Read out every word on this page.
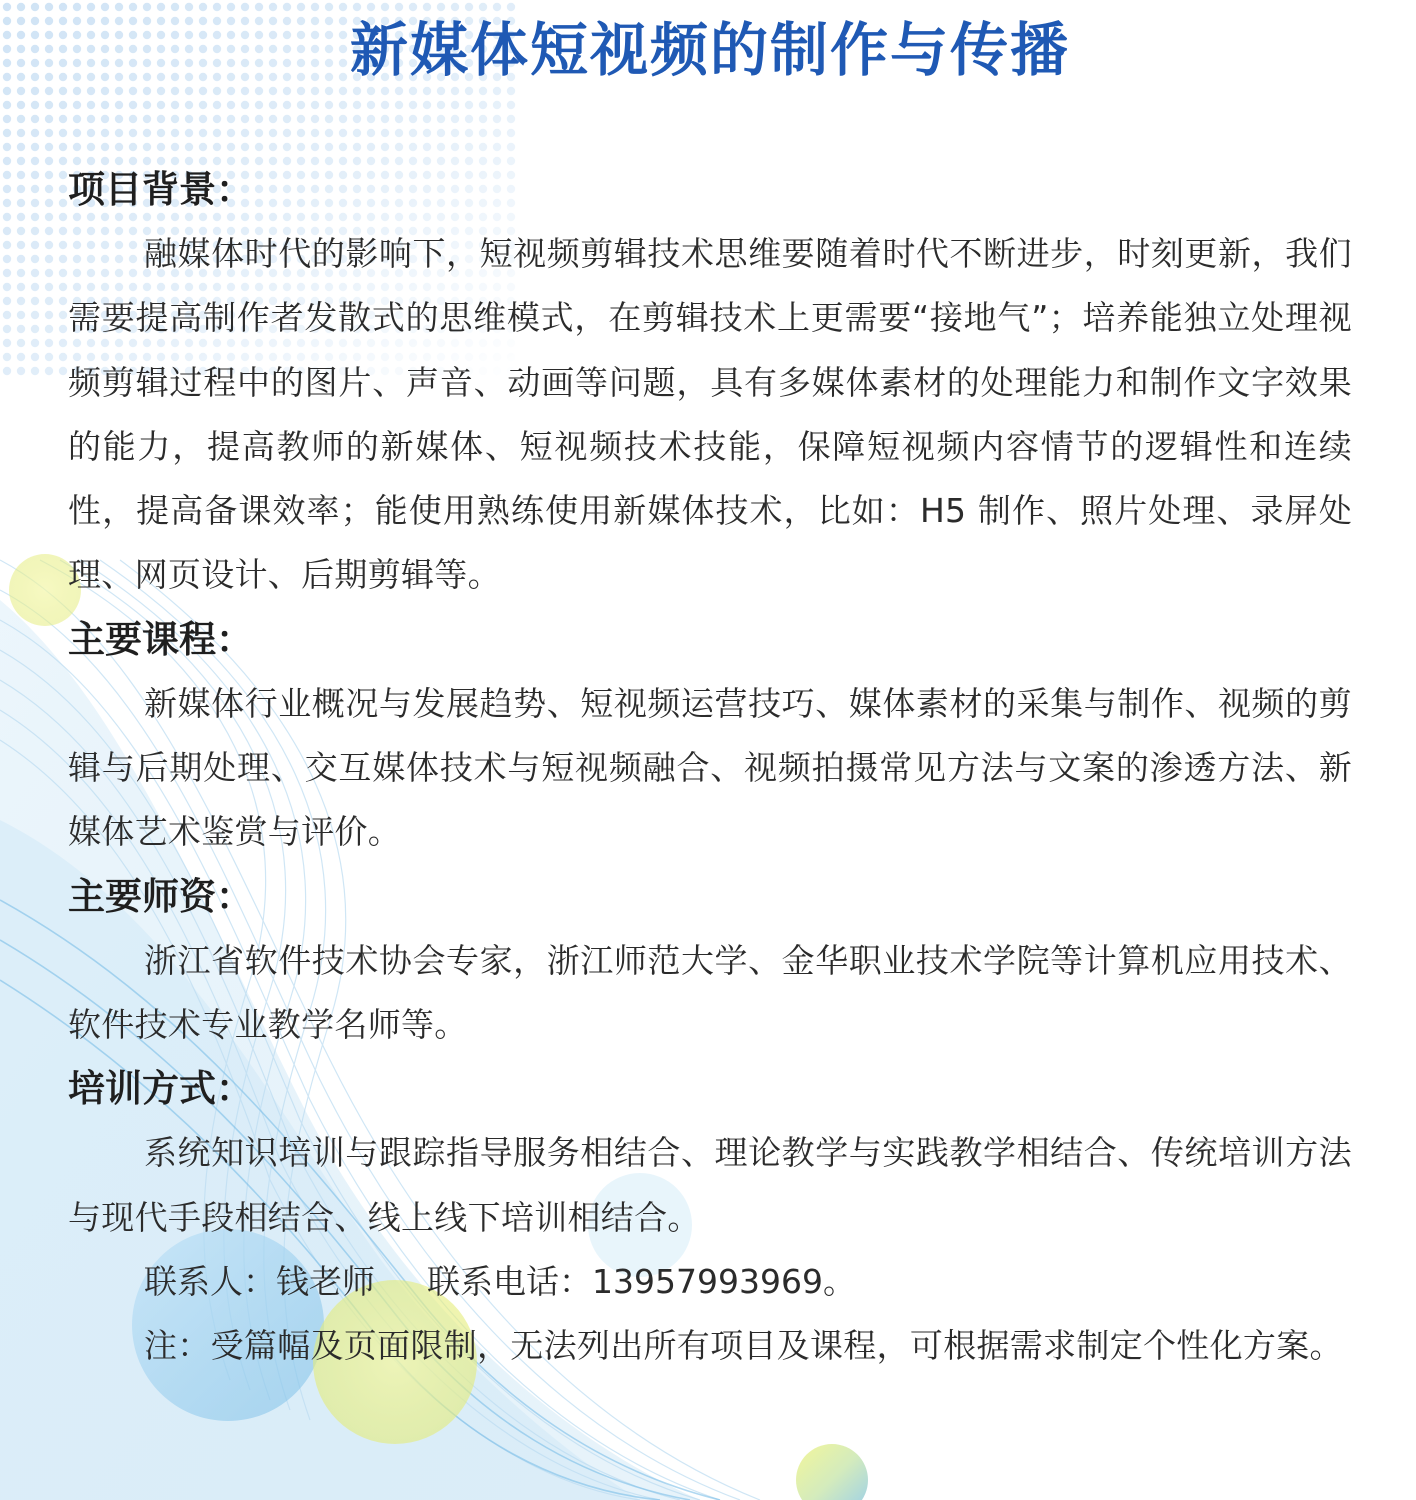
新媒体短视频的制作与传播
项目背景：

融媒体时代的影响下，短视频剪辑技术思维要随着时代不断进步，时刻更新，我们需要提高制作者发散式的思维模式，在剪辑技术上更需要“接地气”；培养能独立处理视频剪辑过程中的图片、声音、动画等问题，具有多媒体素材的处理能力和制作文字效果的能力，提高教师的新媒体、短视频技术技能，保障短视频内容情节的逻辑性和连续性，提高备课效率；能使用熟练使用新媒体技术，比如：H5 制作、照片处理、录屏处理、网页设计、后期剪辑等。

主要课程：

新媒体行业概况与发展趋势、短视频运营技巧、媒体素材的采集与制作、视频的剪辑与后期处理、交互媒体技术与短视频融合、视频拍摄常见方法与文案的渗透方法、新媒体艺术鉴赏与评价。

主要师资：

浙江省软件技术协会专家，浙江师范大学、金华职业技术学院等计算机应用技术、软件技术专业教学名师等。

培训方式：

系统知识培训与跟踪指导服务相结合、理论教学与实践教学相结合、传统培训方法与现代手段相结合、线上线下培训相结合。

联系人：钱老师 联系电话：13957993969。

注：受篇幅及页面限制，无法列出所有项目及课程，可根据需求制定个性化方案。
